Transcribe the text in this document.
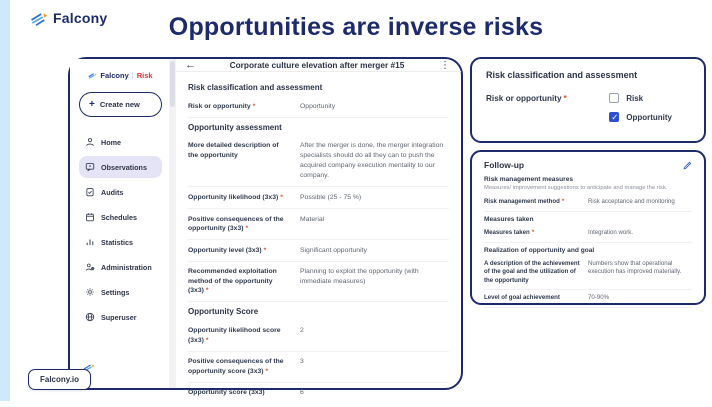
Falcony	Opportunities are inverse risks
Falcony | Risk
+ Create new
Home
Observations
Audits
Schedules
Statistics
Administration
Settings
Superuser
←	Corporate culture elevation after merger #15	⋮
Risk classification and assessment
Risk or opportunity *	Opportunity
Opportunity assessment
More detailed description of the opportunity
After the merger is done, the merger integration specialists should do all they can to push the acquired company execution mentality to our company.
Opportunity likelihood (3x3) *	Possible (25 - 75 %)
Positive consequences of the opportunity (3x3) *
Material
Opportunity level (3x3) *	Significant opportunity
Recommended exploitation method of the opportunity (3x3) *
Planning to exploit the opportunity (with immediate measures)
Opportunity Score
Opportunity likelihood score (3x3) *
2
Positive consequences of the opportunity score (3x3) *
3
Opportunity score (3x3)	6
Risk classification and assessment
Risk or opportunity *	Risk
✓
Opportunity
Follow-up
Risk management measures
Measures/ improvement suggestions to anticipate and manage the risk.
Risk management method *	Risk acceptance and monitoring
Measures taken
Measures taken *	Integration work.
Realization of opportunity and goal
A description of the achievement of the goal and the utilization of the opportunity
Numbers show that operational execution has improved materially.
Level of goal achievement	70-90%
Falcony.io
